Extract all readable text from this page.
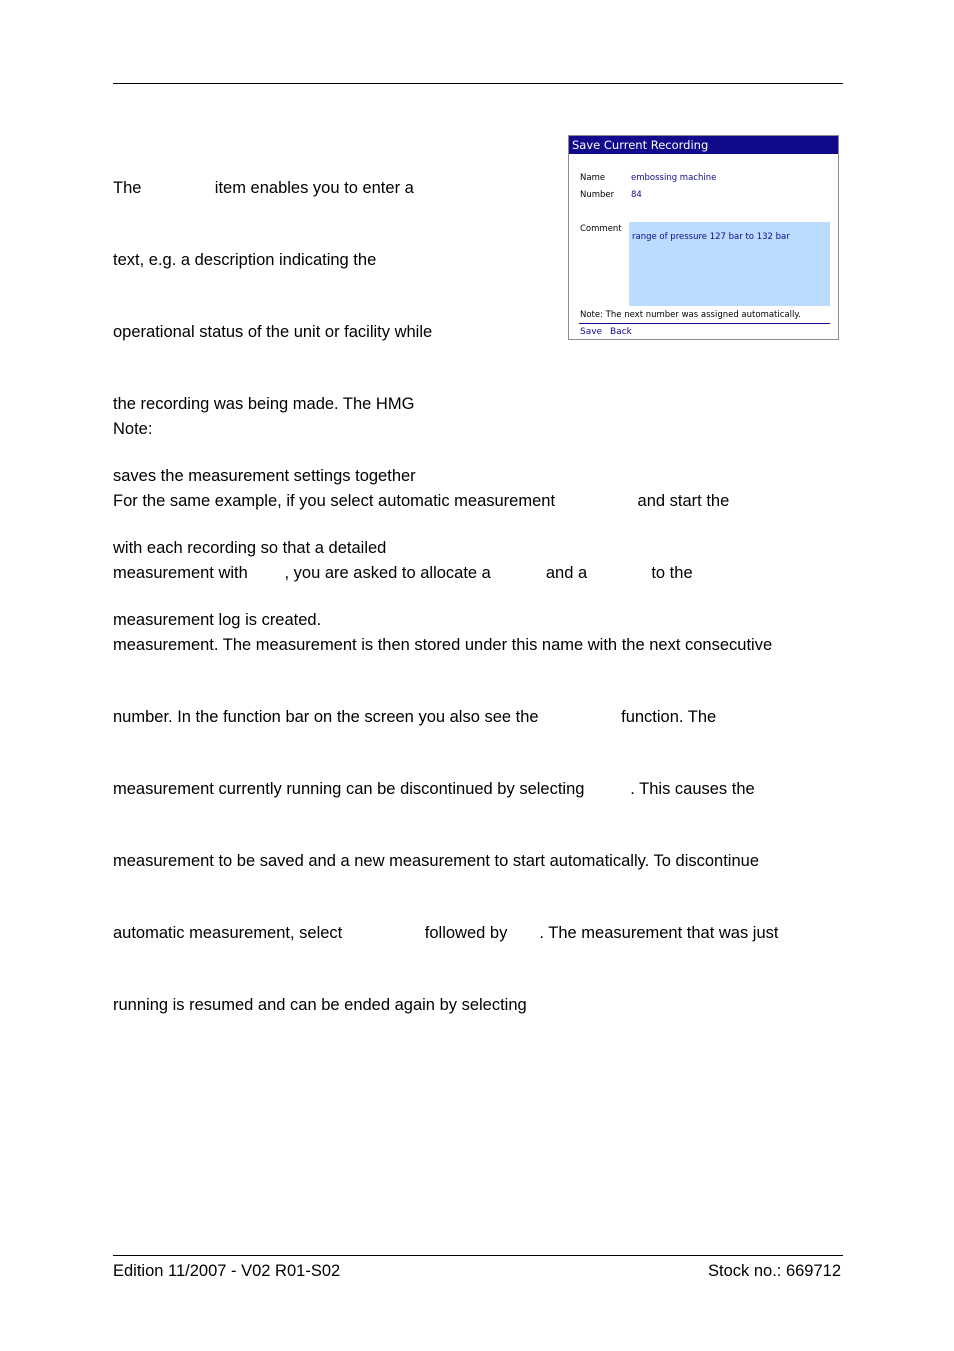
The                item enables you to enter a

text, e.g. a description indicating the

operational status of the unit or facility while

the recording was being made. The HMG

saves the measurement settings together

with each recording so that a detailed

measurement log is created.

Save Current Recording
Name	embossing machine
Number 84
Comment
range of pressure 127 bar to 132 bar
Note: The next number was assigned automatically.
Save Back

Note:

For the same example, if you select automatic measurement                  and start the

measurement with        , you are asked to allocate a            and a              to the

measurement. The measurement is then stored under this name with the next consecutive

number. In the function bar on the screen you also see the                  function. The

measurement currently running can be discontinued by selecting          . This causes the

measurement to be saved and a new measurement to start automatically. To discontinue

automatic measurement, select                  followed by       . The measurement that was just

running is resumed and can be ended again by selecting

Edition 11/2007 - V02 R01-S02	Stock no.: 669712
